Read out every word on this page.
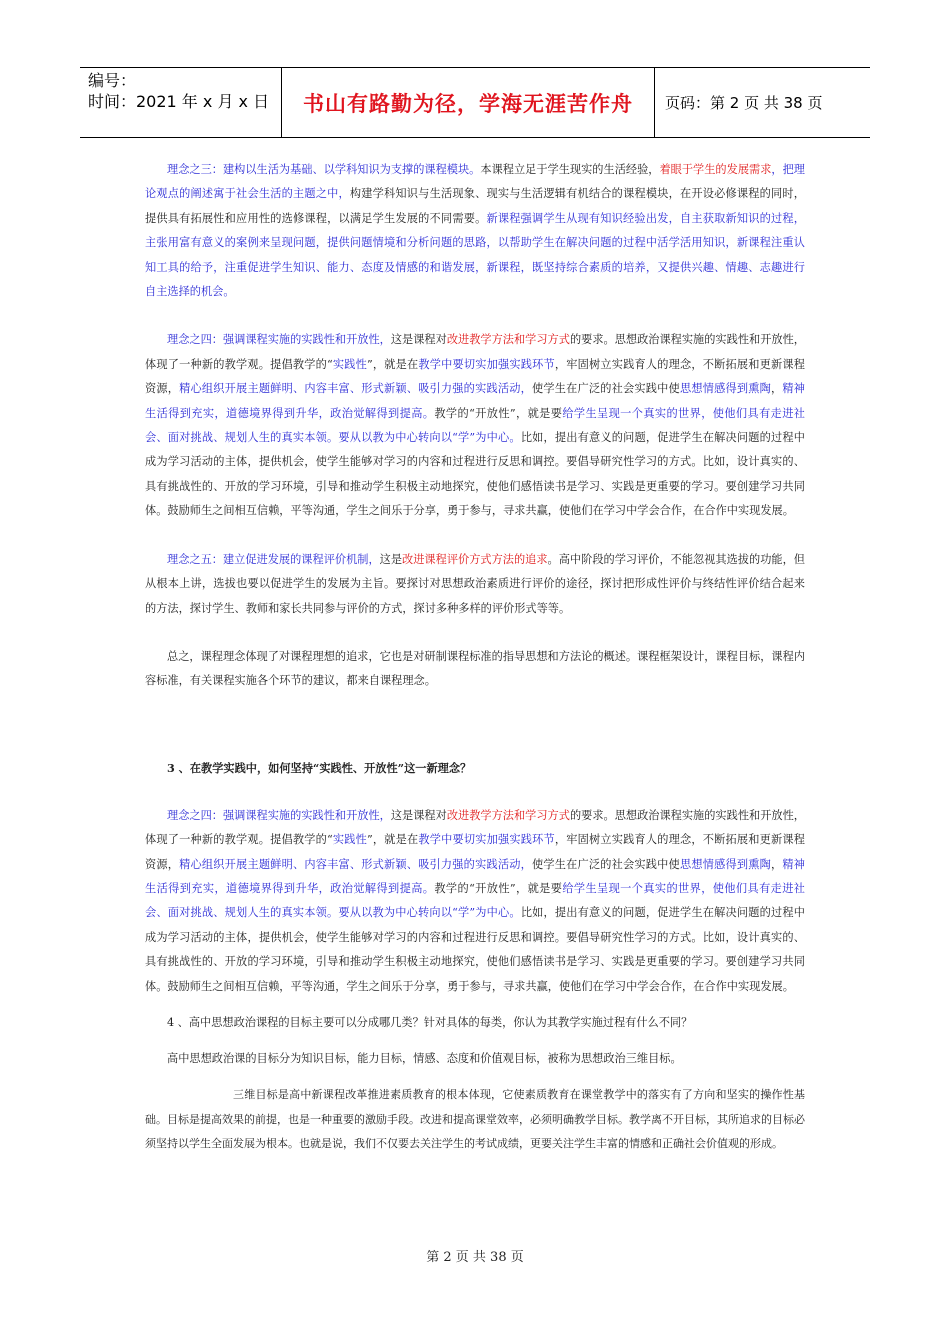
编号：
时间：2021 年 x 月 x 日	书山有路勤为径，学海无涯苦作舟	页码：第 2 页 共 38 页

理念之三：建构以生活为基础、以学科知识为支撑的课程模块。本课程立足于学生现实的生活经验，着眼于学生的发展需求，把理论观点的阐述寓于社会生活的主题之中，构建学科知识与生活现象、现实与生活逻辑有机结合的课程模块，在开设必修课程的同时，提供具有拓展性和应用性的选修课程，以满足学生发展的不同需要。新课程强调学生从现有知识经验出发，自主获取新知识的过程，主张用富有意义的案例来呈现问题，提供问题情境和分析问题的思路，以帮助学生在解决问题的过程中活学活用知识，新课程注重认知工具的给予，注重促进学生知识、能力、态度及情感的和谐发展，新课程，既坚持综合素质的培养，又提供兴趣、情趣、志趣进行自主选择的机会。

理念之四：强调课程实施的实践性和开放性，这是课程对改进教学方法和学习方式的要求。思想政治课程实施的实践性和开放性，体现了一种新的教学观。提倡教学的“实践性”，就是在教学中要切实加强实践环节，牢固树立实践育人的理念，不断拓展和更新课程资源，精心组织开展主题鲜明、内容丰富、形式新颖、吸引力强的实践活动，使学生在广泛的社会实践中使思想情感得到熏陶，精神生活得到充实，道德境界得到升华，政治觉解得到提高。教学的“开放性”，就是要给学生呈现一个真实的世界，使他们具有走进社会、面对挑战、规划人生的真实本领。要从以教为中心转向以“学”为中心。比如，提出有意义的问题，促进学生在解决问题的过程中成为学习活动的主体，提供机会，使学生能够对学习的内容和过程进行反思和调控。要倡导研究性学习的方式。比如，设计真实的、具有挑战性的、开放的学习环境，引导和推动学生积极主动地探究，使他们感悟读书是学习、实践是更重要的学习。要创建学习共同体。鼓励师生之间相互信赖，平等沟通，学生之间乐于分享，勇于参与，寻求共赢，使他们在学习中学会合作，在合作中实现发展。

理念之五：建立促进发展的课程评价机制，这是改进课程评价方式方法的追求。高中阶段的学习评价，不能忽视其选拔的功能，但从根本上讲，选拔也要以促进学生的发展为主旨。要探讨对思想政治素质进行评价的途径，探讨把形成性评价与终结性评价结合起来的方法，探讨学生、教师和家长共同参与评价的方式，探讨多种多样的评价形式等等。

总之，课程理念体现了对课程理想的追求，它也是对研制课程标准的指导思想和方法论的概述。课程框架设计，课程目标，课程内容标准，有关课程实施各个环节的建议，都来自课程理念。

3 、在教学实践中，如何坚持“实践性、开放性”这一新理念？

理念之四：强调课程实施的实践性和开放性，这是课程对改进教学方法和学习方式的要求。思想政治课程实施的实践性和开放性，体现了一种新的教学观。提倡教学的“实践性”，就是在教学中要切实加强实践环节，牢固树立实践育人的理念，不断拓展和更新课程资源，精心组织开展主题鲜明、内容丰富、形式新颖、吸引力强的实践活动，使学生在广泛的社会实践中使思想情感得到熏陶，精神生活得到充实，道德境界得到升华，政治觉解得到提高。教学的“开放性”，就是要给学生呈现一个真实的世界，使他们具有走进社会、面对挑战、规划人生的真实本领。要从以教为中心转向以“学”为中心。比如，提出有意义的问题，促进学生在解决问题的过程中成为学习活动的主体，提供机会，使学生能够对学习的内容和过程进行反思和调控。要倡导研究性学习的方式。比如，设计真实的、具有挑战性的、开放的学习环境，引导和推动学生积极主动地探究，使他们感悟读书是学习、实践是更重要的学习。要创建学习共同体。鼓励师生之间相互信赖，平等沟通，学生之间乐于分享，勇于参与，寻求共赢，使他们在学习中学会合作，在合作中实现发展。

4 、高中思想政治课程的目标主要可以分成哪几类？针对具体的每类，你认为其教学实施过程有什么不同？

高中思想政治课的目标分为知识目标，能力目标，情感、态度和价值观目标，被称为思想政治三维目标。

三维目标是高中新课程改革推进素质教育的根本体现，它使素质教育在课堂教学中的落实有了方向和坚实的操作性基础。目标是提高效果的前提，也是一种重要的激励手段。改进和提高课堂效率，必须明确教学目标。教学离不开目标，其所追求的目标必须坚持以学生全面发展为根本。也就是说，我们不仅要去关注学生的考试成绩，更要关注学生丰富的情感和正确社会价值观的形成。

第 2 页 共 38 页
